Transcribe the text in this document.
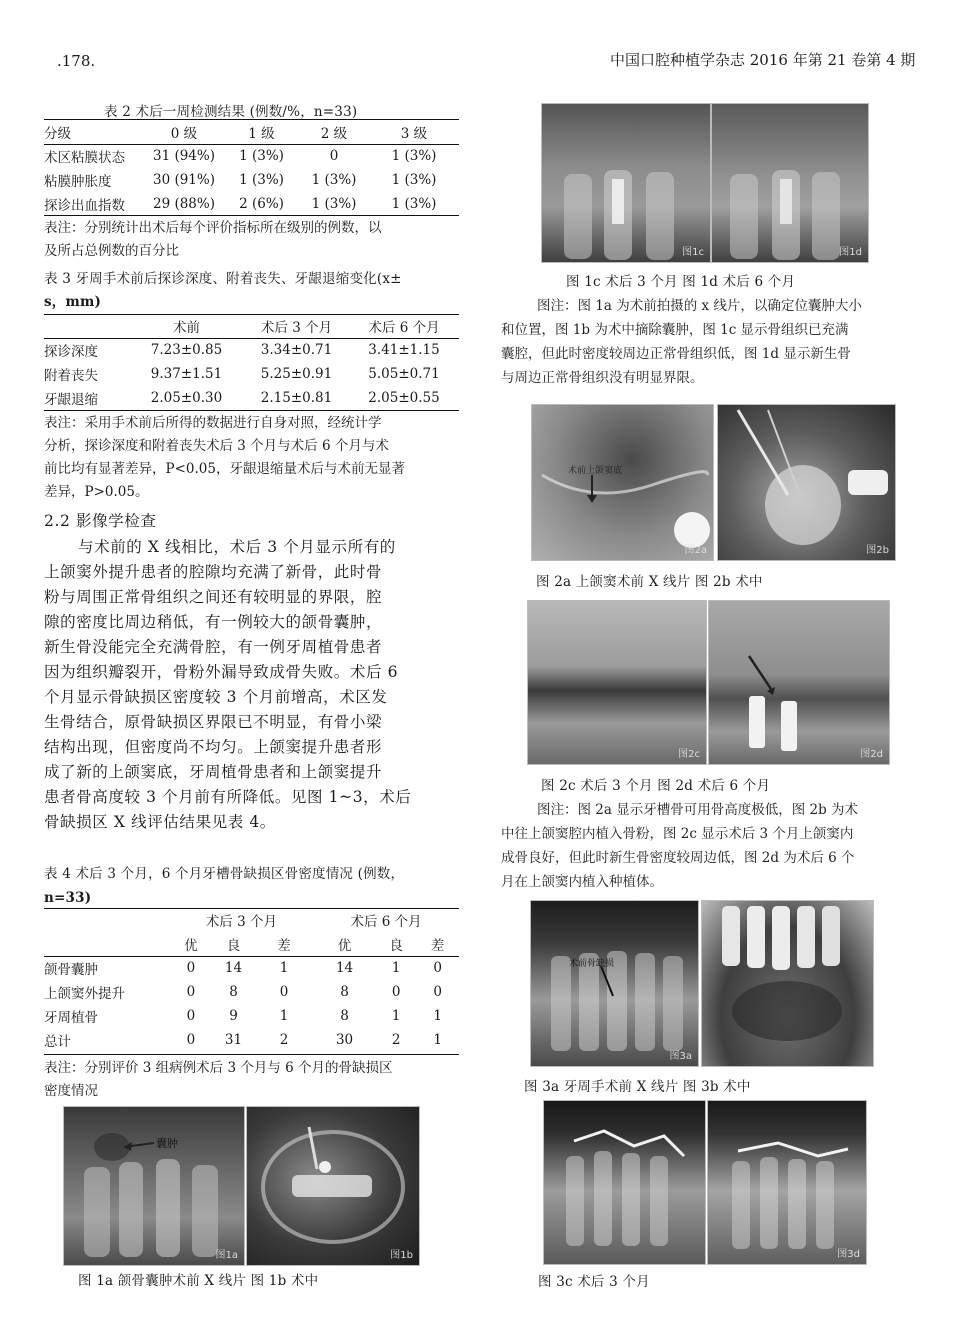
.178.	中国口腔种植学杂志 2016 年第 21 卷第 4 期
表 2 术后一周检测结果 (例数/%，n=33)
分级	0 级	1 级	2 级	3 级
术区粘膜状态	31 (94%)	1 (3%)	0	1 (3%)
粘膜肿胀度	30 (91%)	1 (3%)	1 (3%)	1 (3%)
探诊出血指数	29 (88%)	2 (6%)	1 (3%)	1 (3%)
表注：分别统计出术后每个评价指标所在级别的例数，以
及所占总例数的百分比
表 3 牙周手术前后探诊深度、附着丧失、牙龈退缩变化(x±
s，mm)
	术前	术后 3 个月	术后 6 个月
探诊深度	7.23±0.85	3.34±0.71	3.41±1.15
附着丧失	9.37±1.51	5.25±0.91	5.05±0.71
牙龈退缩	2.05±0.30	2.15±0.81	2.05±0.55
表注：采用手术前后所得的数据进行自身对照，经统计学
分析，探诊深度和附着丧失术后 3 个月与术后 6 个月与术
前比均有显著差异，P<0.05，牙龈退缩量术后与术前无显著
差异，P>0.05。
2.2 影像学检查
与术前的 X 线相比，术后 3 个月显示所有的
上颌窦外提升患者的腔隙均充满了新骨，此时骨
粉与周围正常骨组织之间还有较明显的界限，腔
隙的密度比周边稍低，有一例较大的颌骨囊肿，
新生骨没能完全充满骨腔，有一例牙周植骨患者
因为组织瓣裂开，骨粉外漏导致成骨失败。术后 6
个月显示骨缺损区密度较 3 个月前增高，术区发
生骨结合，原骨缺损区界限已不明显，有骨小梁
结构出现，但密度尚不均匀。上颌窦提升患者形
成了新的上颌窦底，牙周植骨患者和上颌窦提升
患者骨高度较 3 个月前有所降低。见图 1~3，术后
骨缺损区 X 线评估结果见表 4。
表 4 术后 3 个月，6 个月牙槽骨缺损区骨密度情况 (例数，
n=33)
	术后 3 个月			术后 6 个月		
	优	良	差	优	良	差
颌骨囊肿	0	14	1	14	1	0
上颌窦外提升	0	8	0	8	0	0
牙周植骨	0	9	1	8	1	1
总计	0	31	2	30	2	1
表注：分别评价 3 组病例术后 3 个月与 6 个月的骨缺损区
密度情况
囊肿
图1a	图1b
图 1a 颌骨囊肿术前 X 线片 图 1b 术中
图1c	图1d
图 1c 术后 3 个月 图 1d 术后 6 个月
图注：图 1a 为术前拍摄的 x 线片，以确定位囊肿大小
和位置，图 1b 为术中摘除囊肿，图 1c 显示骨组织已充满
囊腔，但此时密度较周边正常骨组织低，图 1d 显示新生骨
与周边正常骨组织没有明显界限。
术前上颌窦底
图2a	图2b
图 2a 上颌窦术前 X 线片 图 2b 术中
图2c	图2d
图 2c 术后 3 个月 图 2d 术后 6 个月
图注：图 2a 显示牙槽骨可用骨高度极低，图 2b 为术
中往上颌窦腔内植入骨粉，图 2c 显示术后 3 个月上颌窦内
成骨良好，但此时新生骨密度较周边低，图 2d 为术后 6 个
月在上颌窦内植入种植体。
术前骨缺损
图3a
图 3a 牙周手术前 X 线片 图 3b 术中
图3d
图 3c 术后 3 个月
